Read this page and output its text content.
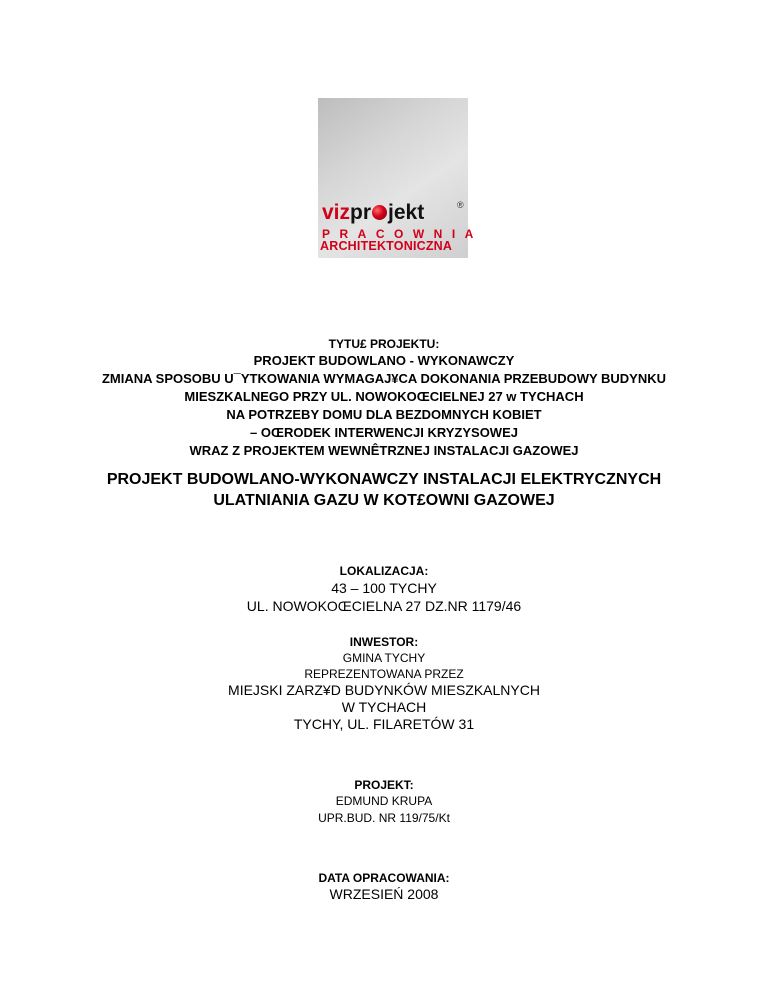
vizpr jekt	®
PRACOWNIA
ARCHITEKTONICZNA
TYTU£ PROJEKTU:
PROJEKT BUDOWLANO - WYKONAWCZY
ZMIANA SPOSOBU U¯YTKOWANIA WYMAGAJ¥CA DOKONANIA PRZEBUDOWY BUDYNKU
MIESZKALNEGO PRZY UL. NOWOKOŒCIELNEJ 27 w TYCHACH
NA POTRZEBY DOMU DLA BEZDOMNYCH KOBIET
– OŒRODEK INTERWENCJI KRYZYSOWEJ
WRAZ Z PROJEKTEM WEWNÊTRZNEJ INSTALACJI GAZOWEJ
PROJEKT BUDOWLANO-WYKONAWCZY INSTALACJI ELEKTRYCZNYCH
ULATNIANIA GAZU W KOT£OWNI GAZOWEJ
LOKALIZACJA:
43 – 100 TYCHY
UL. NOWOKOŒCIELNA 27 DZ.NR 1179/46
INWESTOR:
GMINA TYCHY
REPREZENTOWANA PRZEZ
MIEJSKI ZARZ¥D BUDYNKÓW MIESZKALNYCH
W TYCHACH
TYCHY, UL. FILARETÓW 31
PROJEKT:
EDMUND KRUPA
UPR.BUD. NR 119/75/Kt
DATA OPRACOWANIA:
WRZESIEŃ 2008
